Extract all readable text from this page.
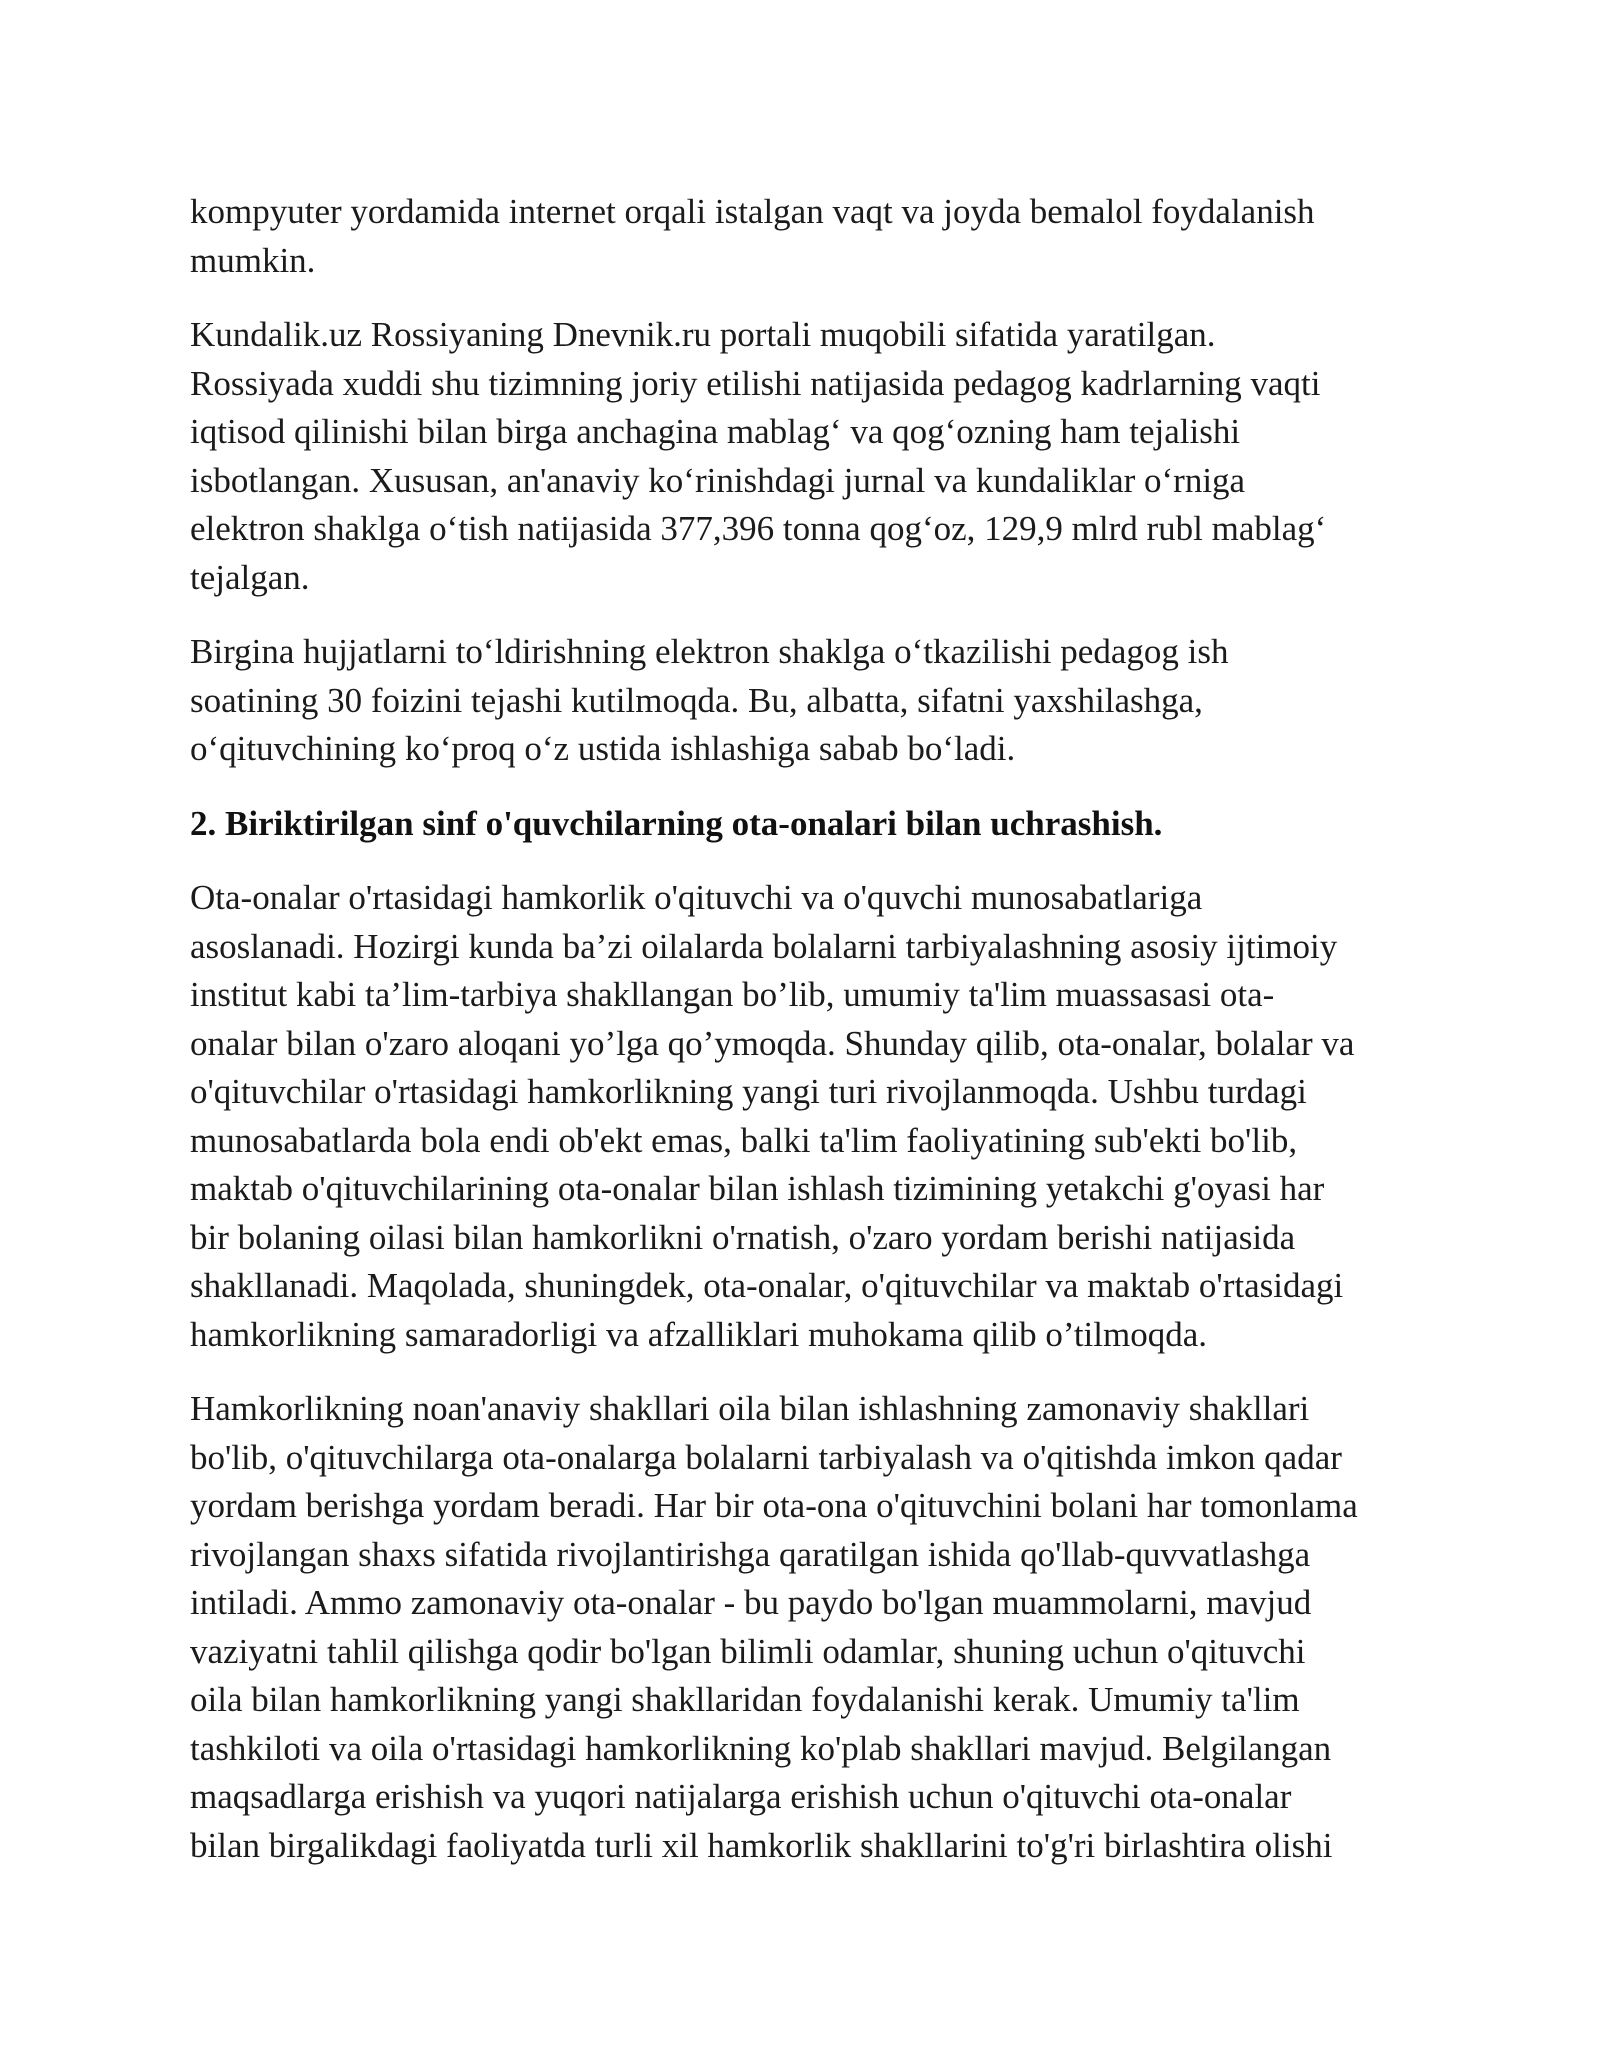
kompyuter yordamida internet orqali istalgan vaqt va joyda bemalol foydalanish
mumkin.

Kundalik.uz Rossiyaning Dnevnik.ru portali muqobili sifatida yaratilgan.
Rossiyada xuddi shu tizimning joriy etilishi natijasida pedagog kadrlarning vaqti
iqtisod qilinishi bilan birga anchagina mablag‘ va qog‘ozning ham tejalishi
isbotlangan. Xususan, an'anaviy ko‘rinishdagi jurnal va kundaliklar o‘rniga
elektron shaklga o‘tish natijasida 377,396 tonna qog‘oz, 129,9 mlrd rubl mablag‘
tejalgan.

Birgina hujjatlarni to‘ldirishning elektron shaklga o‘tkazilishi pedagog ish
soatining 30 foizini tejashi kutilmoqda. Bu, albatta, sifatni yaxshilashga,
o‘qituvchining ko‘proq o‘z ustida ishlashiga sabab bo‘ladi.

2. Biriktirilgan sinf o'quvchilarning ota-onalari bilan uchrashish.

Ota-onalar o'rtasidagi hamkorlik o'qituvchi va o'quvchi munosabatlariga
asoslanadi. Hozirgi kunda ba’zi oilalarda bolalarni tarbiyalashning asosiy ijtimoiy
institut kabi ta’lim-tarbiya shakllangan bo’lib, umumiy ta'lim muassasasi ota-
onalar bilan o'zaro aloqani yo’lga qo’ymoqda. Shunday qilib, ota-onalar, bolalar va
o'qituvchilar o'rtasidagi hamkorlikning yangi turi rivojlanmoqda. Ushbu turdagi
munosabatlarda bola endi ob'ekt emas, balki ta'lim faoliyatining sub'ekti bo'lib,
maktab o'qituvchilarining ota-onalar bilan ishlash tizimining yetakchi g'oyasi har
bir bolaning oilasi bilan hamkorlikni o'rnatish, o'zaro yordam berishi natijasida
shakllanadi. Maqolada, shuningdek, ota-onalar, o'qituvchilar va maktab o'rtasidagi
hamkorlikning samaradorligi va afzalliklari muhokama qilib o’tilmoqda.

Hamkorlikning noan'anaviy shakllari oila bilan ishlashning zamonaviy shakllari
bo'lib, o'qituvchilarga ota-onalarga bolalarni tarbiyalash va o'qitishda imkon qadar
yordam berishga yordam beradi. Har bir ota-ona o'qituvchini bolani har tomonlama
rivojlangan shaxs sifatida rivojlantirishga qaratilgan ishida qo'llab-quvvatlashga
intiladi. Ammo zamonaviy ota-onalar - bu paydo bo'lgan muammolarni, mavjud
vaziyatni tahlil qilishga qodir bo'lgan bilimli odamlar, shuning uchun o'qituvchi
oila bilan hamkorlikning yangi shakllaridan foydalanishi kerak. Umumiy ta'lim
tashkiloti va oila o'rtasidagi hamkorlikning ko'plab shakllari mavjud. Belgilangan
maqsadlarga erishish va yuqori natijalarga erishish uchun o'qituvchi ota-onalar
bilan birgalikdagi faoliyatda turli xil hamkorlik shakllarini to'g'ri birlashtira olishi
